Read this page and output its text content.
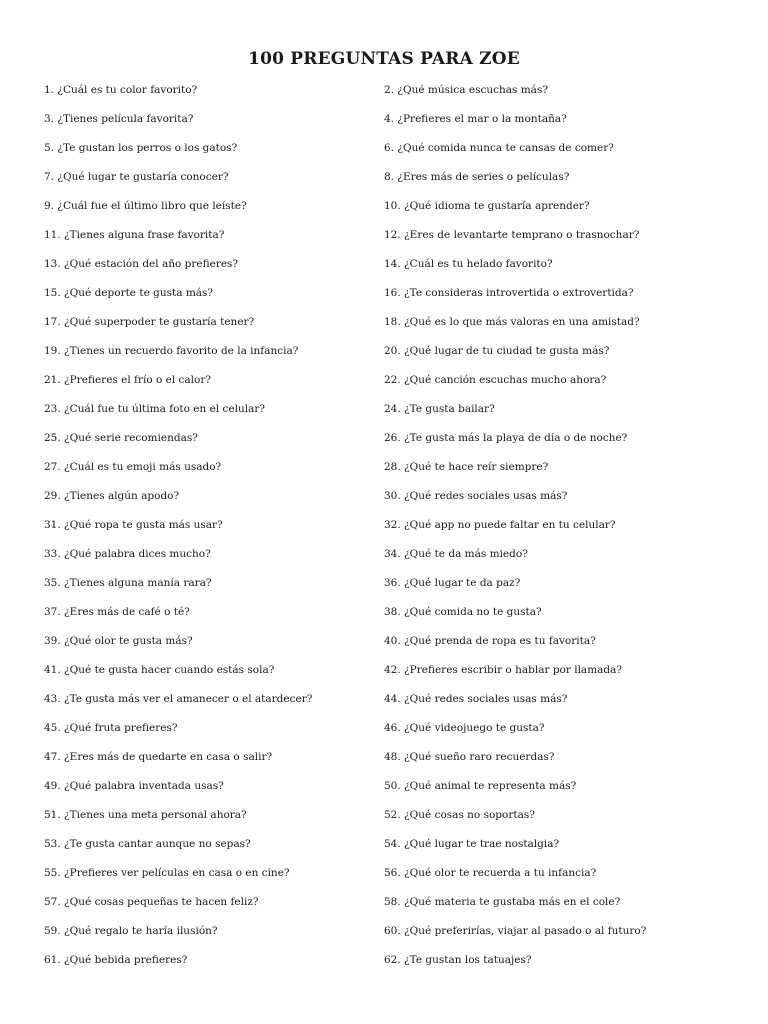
100 PREGUNTAS PARA ZOE
1. ¿Cuál es tu color favorito?	2. ¿Qué música escuchas más?
3. ¿Tienes película favorita?	4. ¿Prefieres el mar o la montaña?
5. ¿Te gustan los perros o los gatos?	6. ¿Qué comida nunca te cansas de comer?
7. ¿Qué lugar te gustaría conocer?	8. ¿Eres más de series o películas?
9. ¿Cuál fue el último libro que leíste?	10. ¿Qué idioma te gustaría aprender?
11. ¿Tienes alguna frase favorita?	12. ¿Eres de levantarte temprano o trasnochar?
13. ¿Qué estación del año prefieres?	14. ¿Cuál es tu helado favorito?
15. ¿Qué deporte te gusta más?	16. ¿Te consideras introvertida o extrovertida?
17. ¿Qué superpoder te gustaría tener?	18. ¿Qué es lo que más valoras en una amistad?
19. ¿Tienes un recuerdo favorito de la infancia?	20. ¿Qué lugar de tu ciudad te gusta más?
21. ¿Prefieres el frío o el calor?	22. ¿Qué canción escuchas mucho ahora?
23. ¿Cuál fue tu última foto en el celular?	24. ¿Te gusta bailar?
25. ¿Qué serie recomiendas?	26. ¿Te gusta más la playa de día o de noche?
27. ¿Cuál es tu emoji más usado?	28. ¿Qué te hace reír siempre?
29. ¿Tienes algún apodo?	30. ¿Qué redes sociales usas más?
31. ¿Qué ropa te gusta más usar?	32. ¿Qué app no puede faltar en tu celular?
33. ¿Qué palabra dices mucho?	34. ¿Qué te da más miedo?
35. ¿Tienes alguna manía rara?	36. ¿Qué lugar te da paz?
37. ¿Eres más de café o té?	38. ¿Qué comida no te gusta?
39. ¿Qué olor te gusta más?	40. ¿Qué prenda de ropa es tu favorita?
41. ¿Qué te gusta hacer cuando estás sola?	42. ¿Prefieres escribir o hablar por llamada?
43. ¿Te gusta más ver el amanecer o el atardecer?	44. ¿Qué redes sociales usas más?
45. ¿Qué fruta prefieres?	46. ¿Qué videojuego te gusta?
47. ¿Eres más de quedarte en casa o salir?	48. ¿Qué sueño raro recuerdas?
49. ¿Qué palabra inventada usas?	50. ¿Qué animal te representa más?
51. ¿Tienes una meta personal ahora?	52. ¿Qué cosas no soportas?
53. ¿Te gusta cantar aunque no sepas?	54. ¿Qué lugar te trae nostalgia?
55. ¿Prefieres ver películas en casa o en cine?	56. ¿Qué olor te recuerda a tu infancia?
57. ¿Qué cosas pequeñas te hacen feliz?	58. ¿Qué materia te gustaba más en el cole?
59. ¿Qué regalo te haría ilusión?	60. ¿Qué preferirías, viajar al pasado o al futuro?
61. ¿Qué bebida prefieres?	62. ¿Te gustan los tatuajes?
